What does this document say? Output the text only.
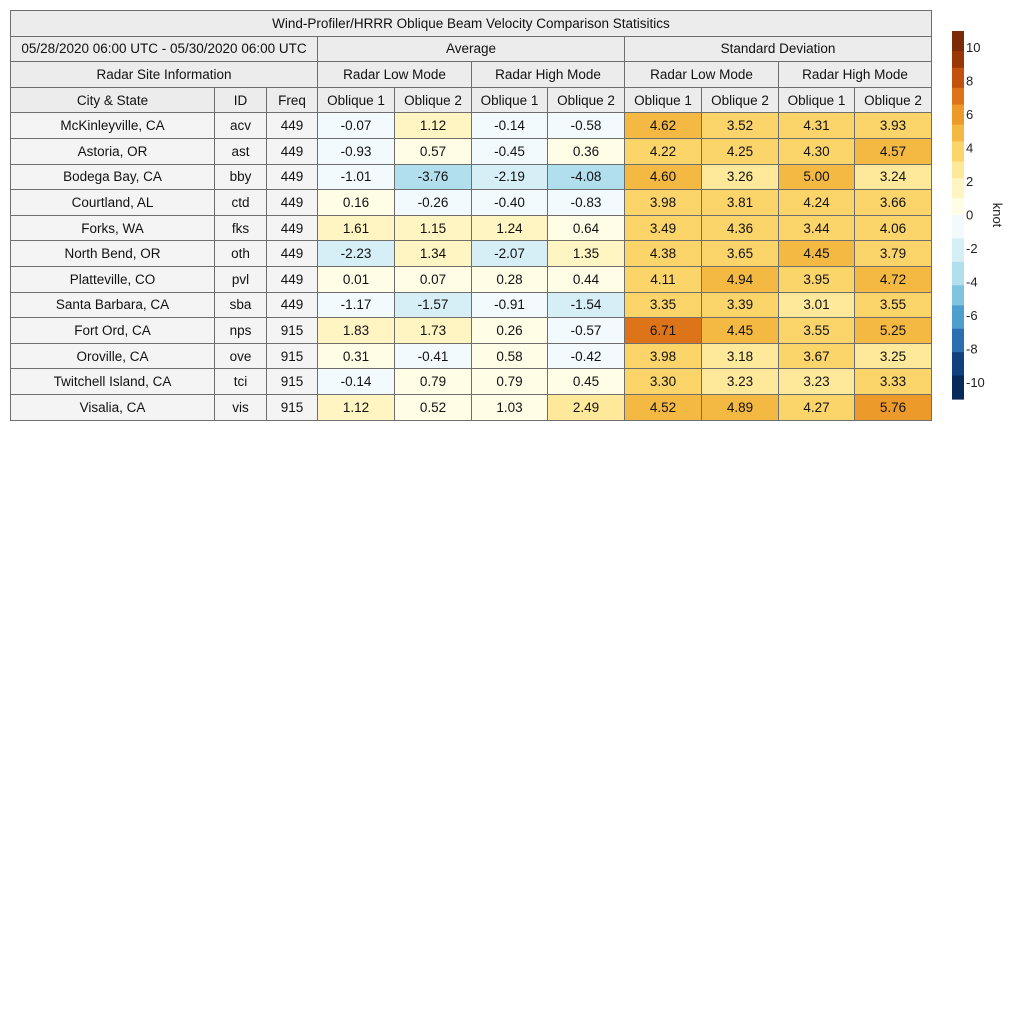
Wind-Profiler/HRRR Oblique Beam Velocity Comparison Statisitics										
05/28/2020 06:00 UTC - 05/30/2020 06:00 UTC			Average				Standard Deviation			
Radar Site Information			Radar Low Mode		Radar High Mode		Radar Low Mode		Radar High Mode	
City & State	ID	Freq	Oblique 1	Oblique 2	Oblique 1	Oblique 2	Oblique 1	Oblique 2	Oblique 1	Oblique 2
McKinleyville, CA	acv	449	-0.07	1.12	-0.14	-0.58	4.62	3.52	4.31	3.93
Astoria, OR	ast	449	-0.93	0.57	-0.45	0.36	4.22	4.25	4.30	4.57
Bodega Bay, CA	bby	449	-1.01	-3.76	-2.19	-4.08	4.60	3.26	5.00	3.24
Courtland, AL	ctd	449	0.16	-0.26	-0.40	-0.83	3.98	3.81	4.24	3.66
Forks, WA	fks	449	1.61	1.15	1.24	0.64	3.49	4.36	3.44	4.06
North Bend, OR	oth	449	-2.23	1.34	-2.07	1.35	4.38	3.65	4.45	3.79
Platteville, CO	pvl	449	0.01	0.07	0.28	0.44	4.11	4.94	3.95	4.72
Santa Barbara, CA	sba	449	-1.17	-1.57	-0.91	-1.54	3.35	3.39	3.01	3.55
Fort Ord, CA	nps	915	1.83	1.73	0.26	-0.57	6.71	4.45	3.55	5.25
Oroville, CA	ove	915	0.31	-0.41	0.58	-0.42	3.98	3.18	3.67	3.25
Twitchell Island, CA	tci	915	-0.14	0.79	0.79	0.45	3.30	3.23	3.23	3.33
Visalia, CA	vis	915	1.12	0.52	1.03	2.49	4.52	4.89	4.27	5.76
10
8
6
4
2
0
-2
-4
-6
-8
-10
knot
